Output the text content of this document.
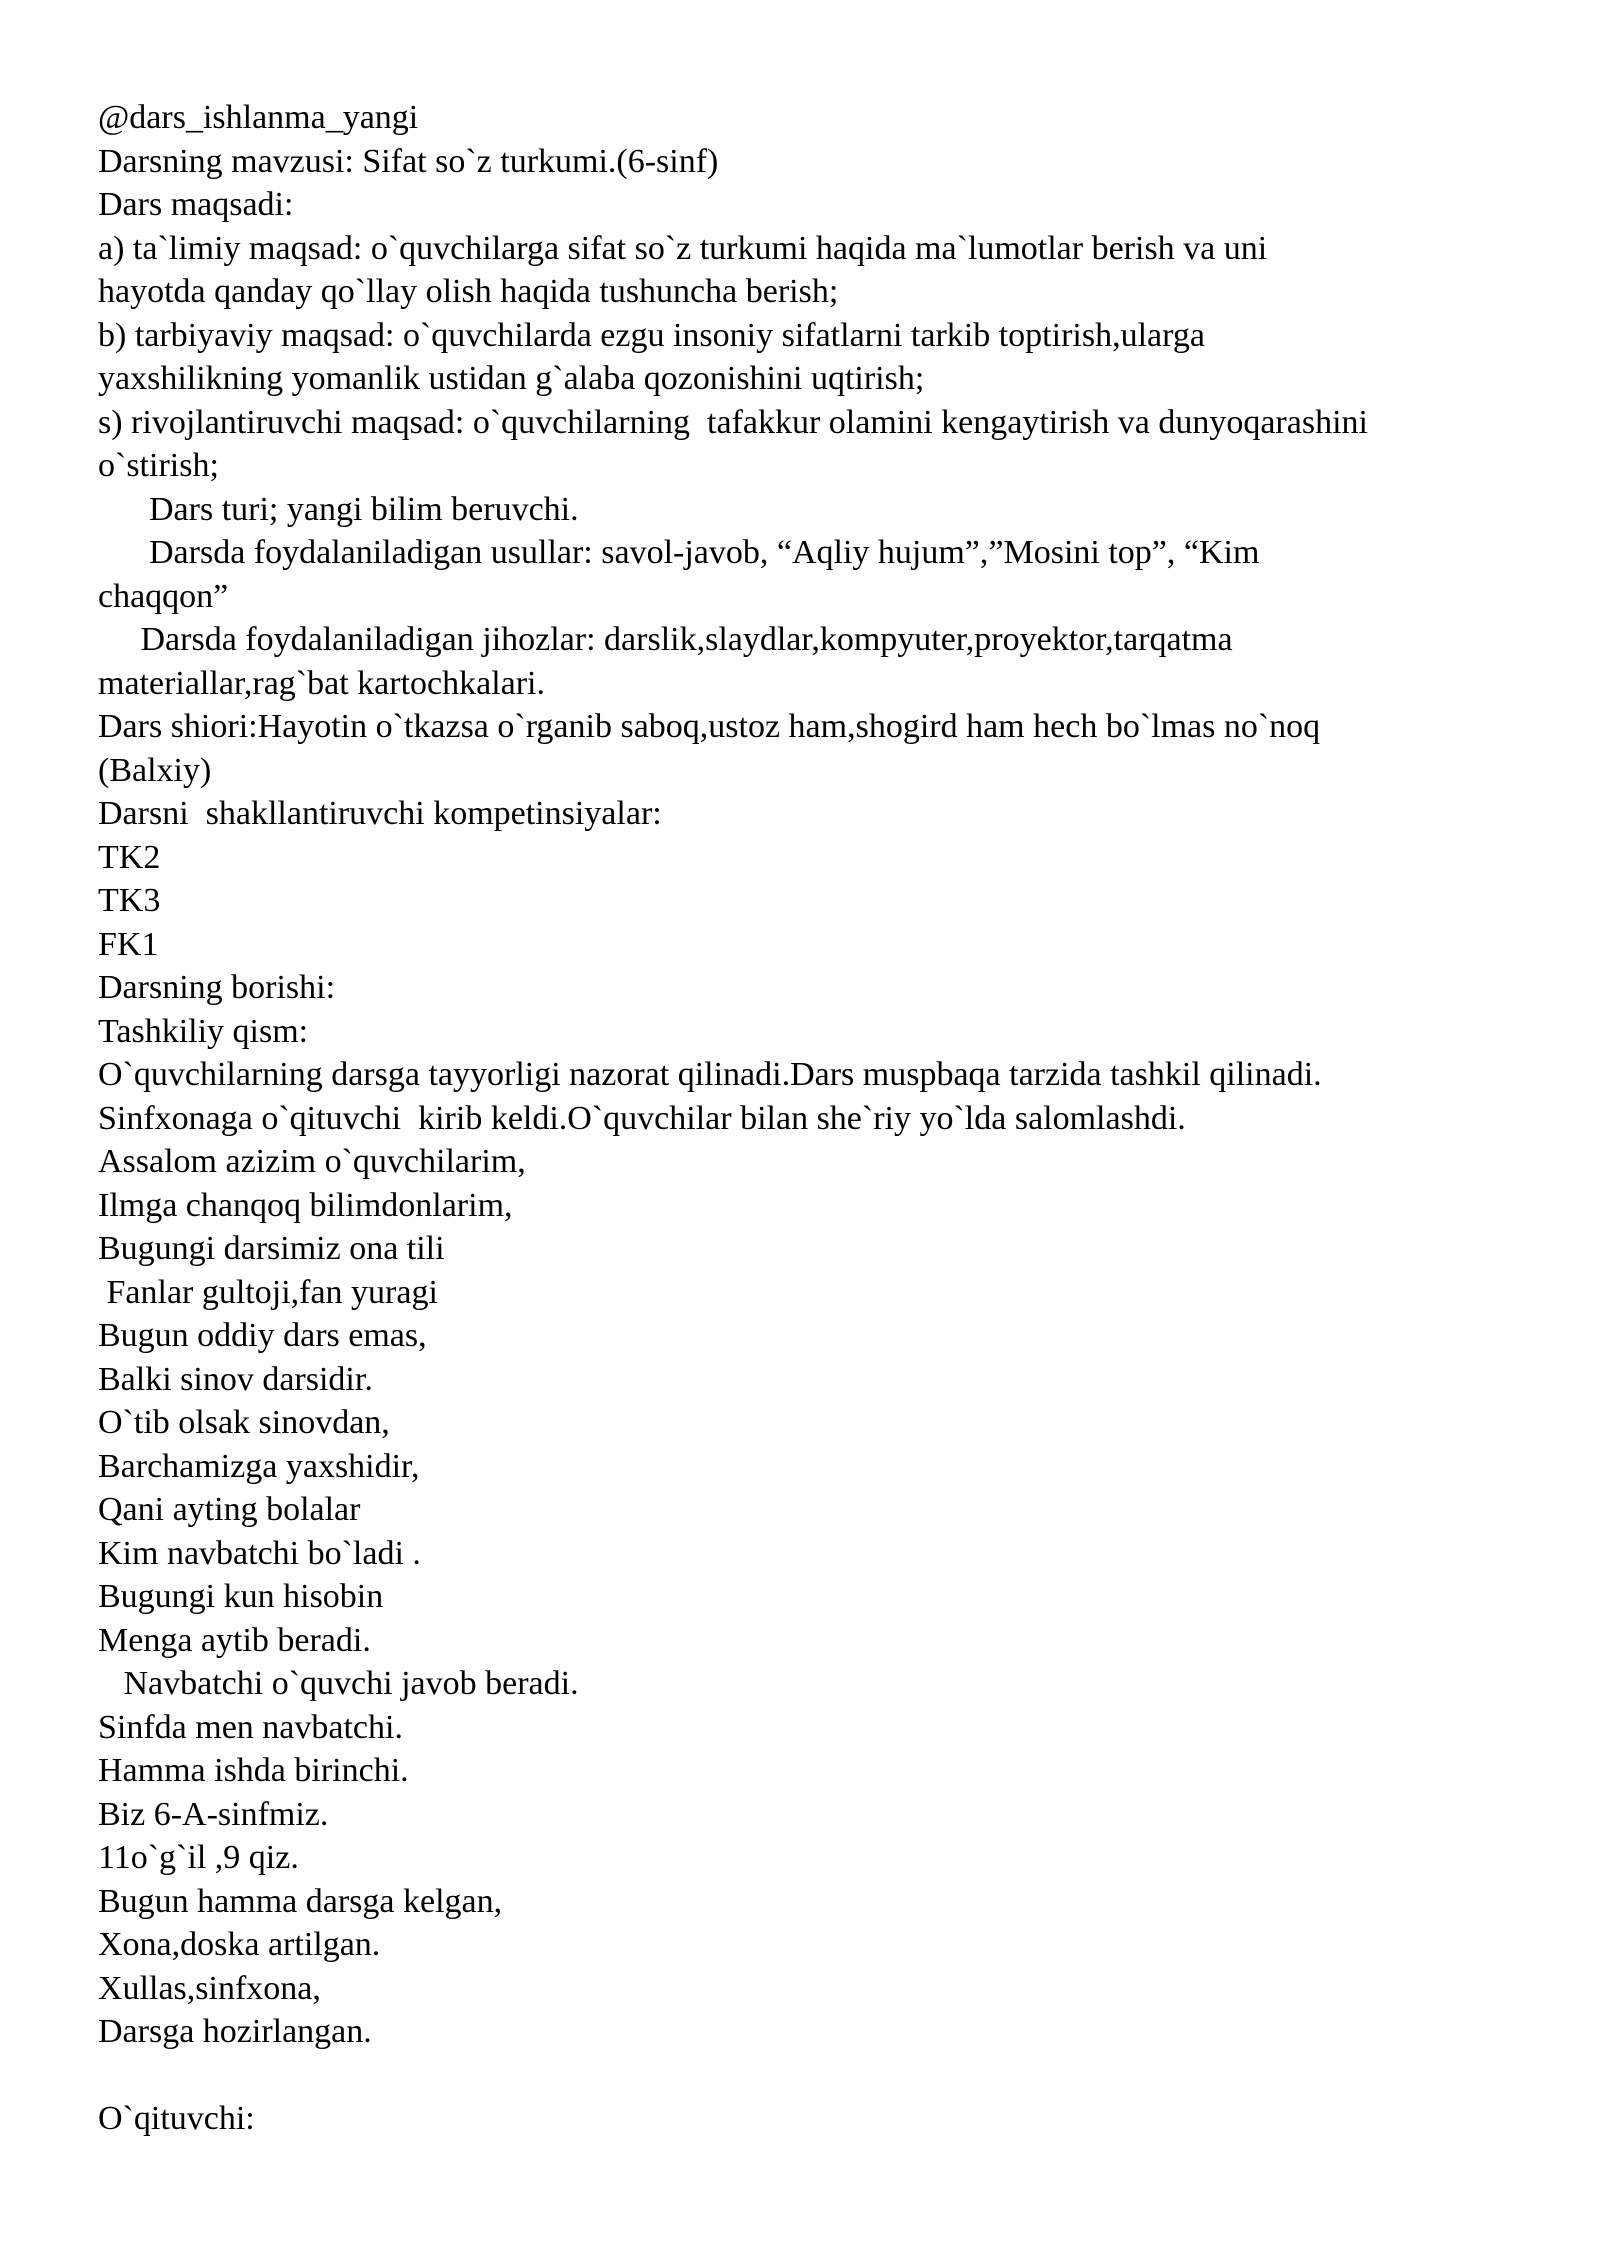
@dars_ishlanma_yangi

Darsning mavzusi: Sifat so`z turkumi.(6-sinf)

Dars maqsadi:

a) ta`limiy maqsad: o`quvchilarga sifat so`z turkumi haqida ma`lumotlar berish va uni

hayotda qanday qo`llay olish haqida tushuncha berish;

b) tarbiyaviy maqsad: o`quvchilarda ezgu insoniy sifatlarni tarkib toptirish,ularga

yaxshilikning yomanlik ustidan g`alaba qozonishini uqtirish;

s) rivojlantiruvchi maqsad: o`quvchilarning  tafakkur olamini kengaytirish va dunyoqarashini

o`stirish;

Dars turi; yangi bilim beruvchi.

Darsda foydalaniladigan usullar: savol-javob, “Aqliy hujum”,”Mosini top”, “Kim

chaqqon”

Darsda foydalaniladigan jihozlar: darslik,slaydlar,kompyuter,proyektor,tarqatma

materiallar,rag`bat kartochkalari.

Dars shiori:Hayotin o`tkazsa o`rganib saboq,ustoz ham,shogird ham hech bo`lmas no`noq

(Balxiy)

Darsni  shakllantiruvchi kompetinsiyalar:

TK2

TK3

FK1

Darsning borishi:

Tashkiliy qism:

O`quvchilarning darsga tayyorligi nazorat qilinadi.Dars muspbaqa tarzida tashkil qilinadi.

Sinfxonaga o`qituvchi  kirib keldi.O`quvchilar bilan she`riy yo`lda salomlashdi.

Assalom azizim o`quvchilarim,

Ilmga chanqoq bilimdonlarim,

Bugungi darsimiz ona tili

Fanlar gultoji,fan yuragi

Bugun oddiy dars emas,

Balki sinov darsidir.

O`tib olsak sinovdan,

Barchamizga yaxshidir,

Qani ayting bolalar

Kim navbatchi bo`ladi .

Bugungi kun hisobin

Menga aytib beradi.

Navbatchi o`quvchi javob beradi.

Sinfda men navbatchi.

Hamma ishda birinchi.

Biz 6-A-sinfmiz.

11o`g`il ,9 qiz.

Bugun hamma darsga kelgan,

Xona,doska artilgan.

Xullas,sinfxona,

Darsga hozirlangan.

O`qituvchi:
